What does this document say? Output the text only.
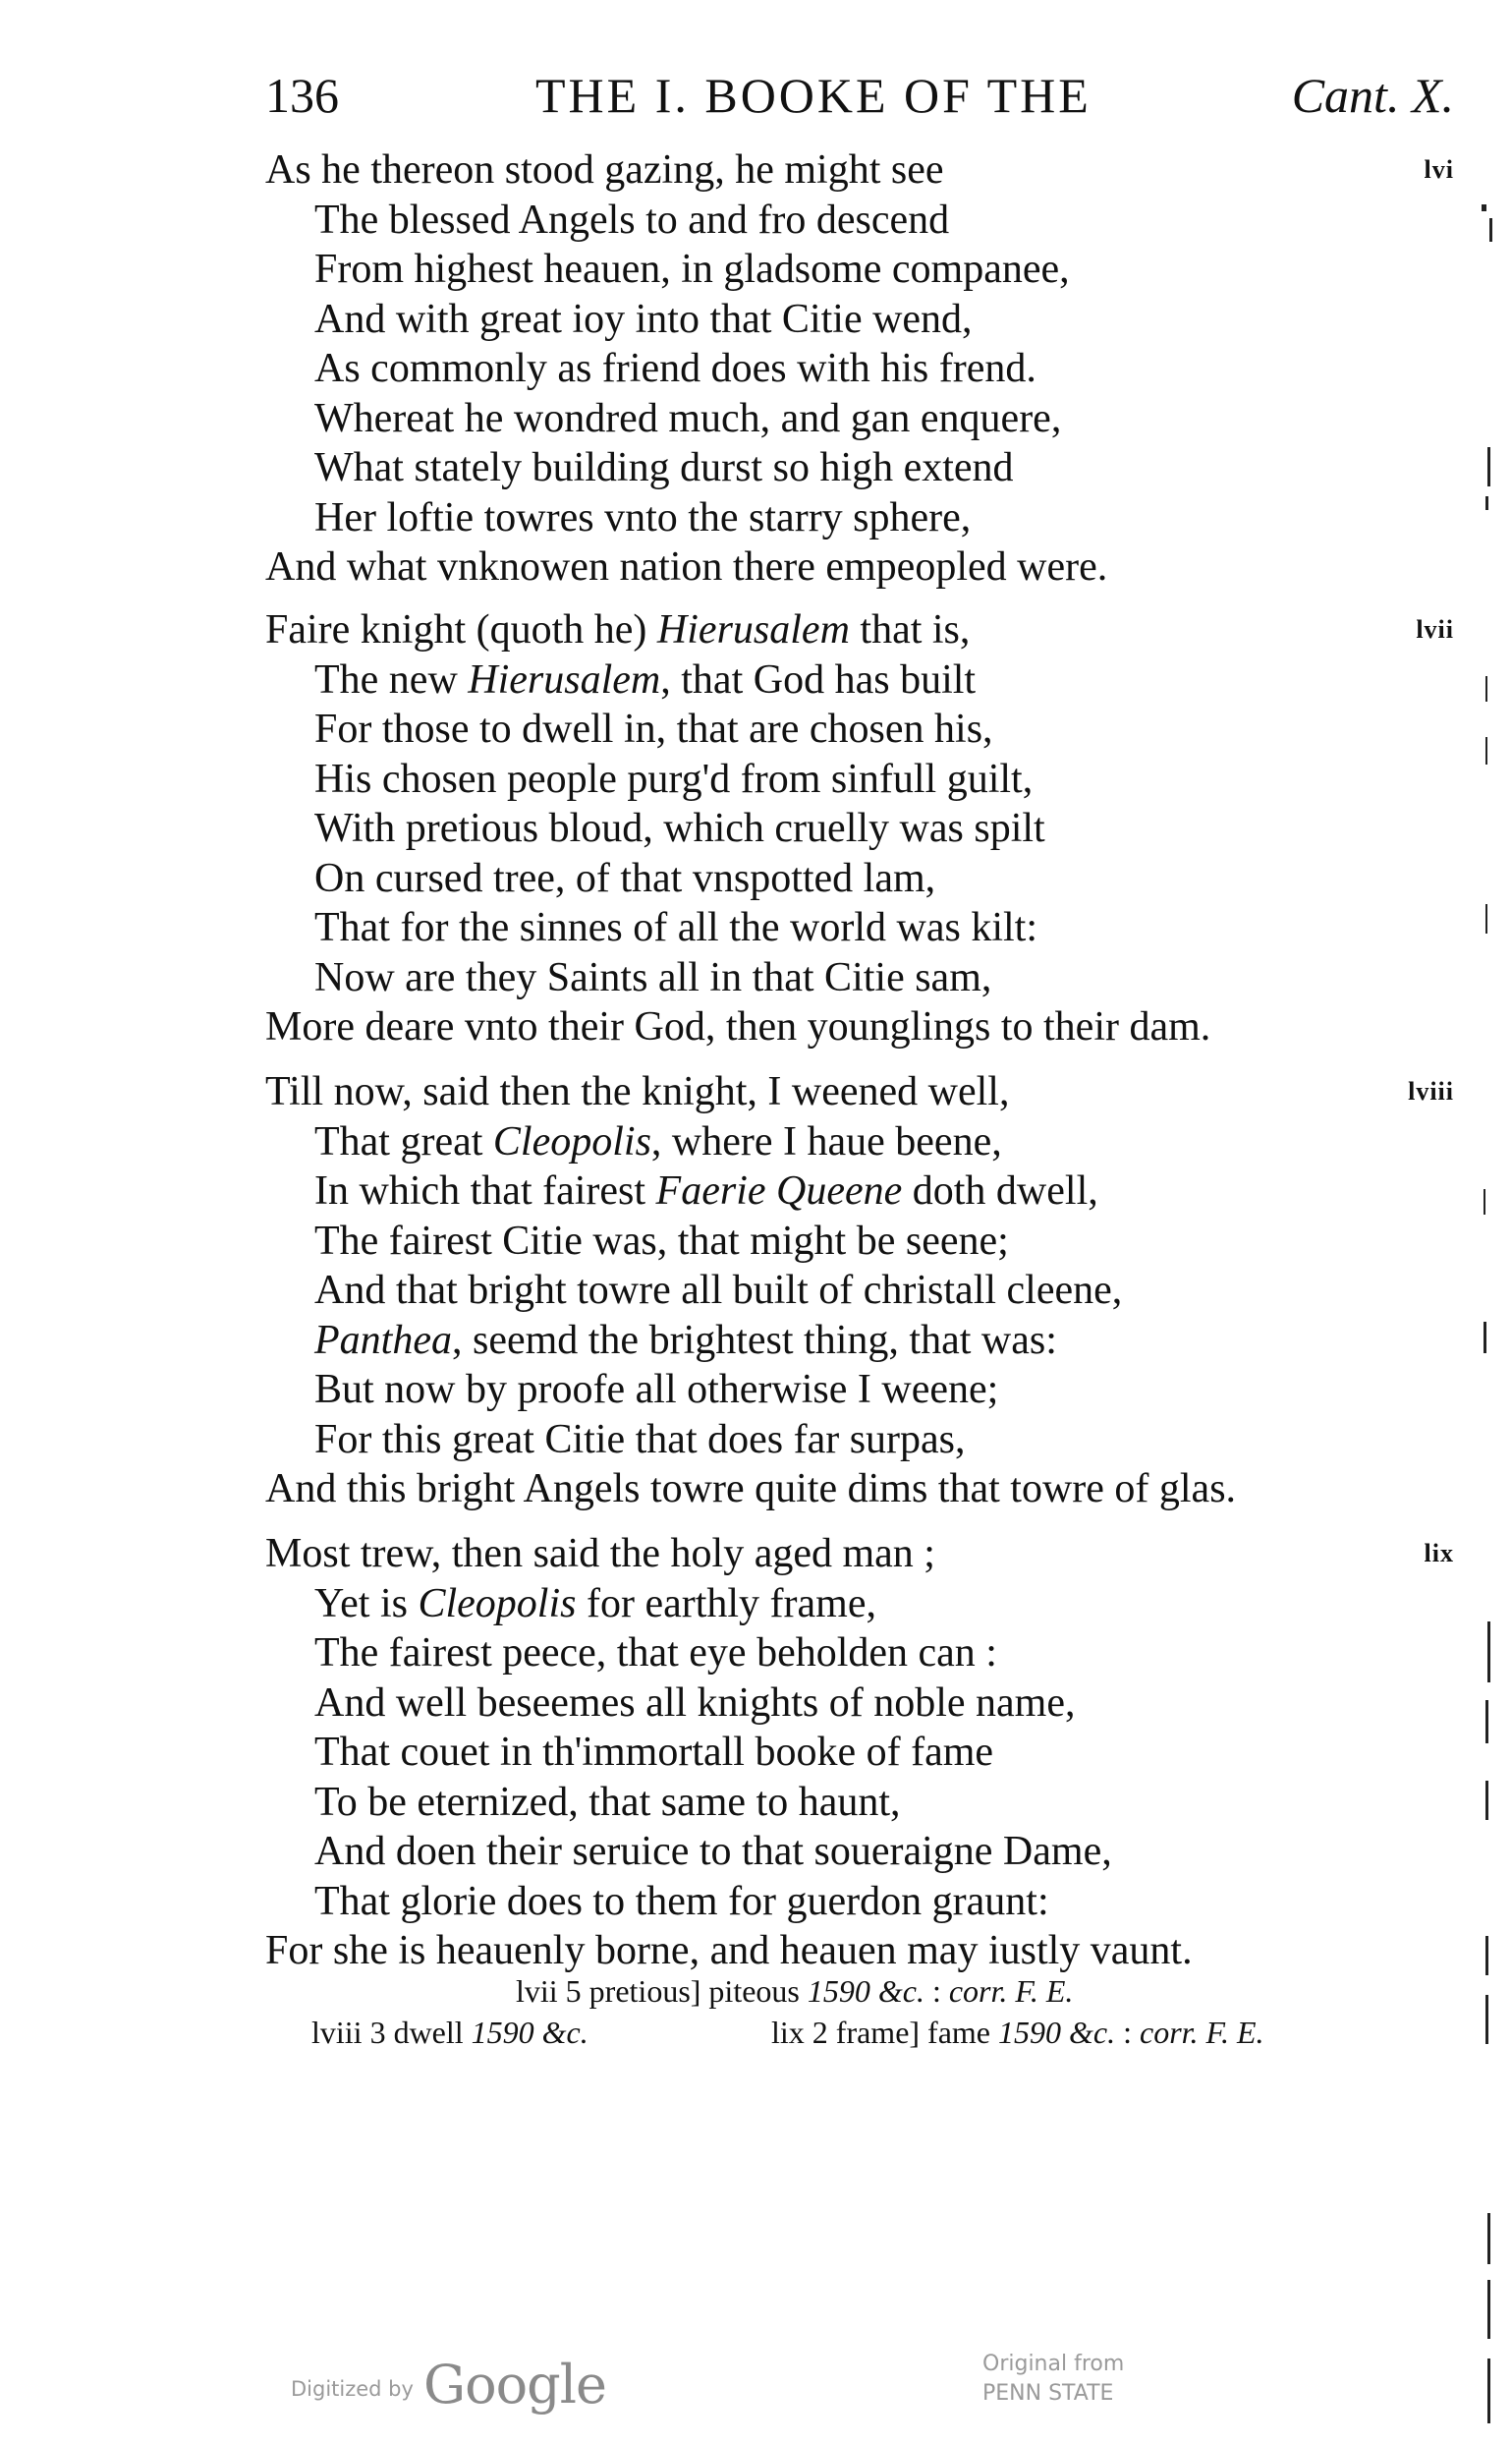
136	THE I. BOOKE OF THE	Cant. X.
lvi
As he thereon stood gazing, he might see
The blessed Angels to and fro descend
From highest heauen, in gladsome companee,
And with great ioy into that Citie wend,
As commonly as friend does with his frend.
Whereat he wondred much, and gan enquere,
What stately building durst so high extend
Her loftie towres vnto the starry sphere,
And what vnknowen nation there empeopled were.
lvii
Faire knight (quoth he) Hierusalem that is,
The new Hierusalem, that God has built
For those to dwell in, that are chosen his,
His chosen people purg'd from sinfull guilt,
With pretious bloud, which cruelly was spilt
On cursed tree, of that vnspotted lam,
That for the sinnes of all the world was kilt:
Now are they Saints all in that Citie sam,
More deare vnto their God, then younglings to their dam.
lviii
Till now, said then the knight, I weened well,
That great Cleopolis, where I haue beene,
In which that fairest Faerie Queene doth dwell,
The fairest Citie was, that might be seene;
And that bright towre all built of christall cleene,
Panthea, seemd the brightest thing, that was:
But now by proofe all otherwise I weene;
For this great Citie that does far surpas,
And this bright Angels towre quite dims that towre of glas.
lix
Most trew, then said the holy aged man ;
Yet is Cleopolis for earthly frame,
The fairest peece, that eye beholden can :
And well beseemes all knights of noble name,
That couet in th'immortall booke of fame
To be eternized, that same to haunt,
And doen their seruice to that soueraigne Dame,
That glorie does to them for guerdon graunt:
For she is heauenly borne, and heauen may iustly vaunt.
lvii 5 pretious] piteous 1590 &c. : corr. F. E.
lviii 3 dwell 1590 &c.	lix 2 frame] fame 1590 &c. : corr. F. E.
Digitized by Google	Original from
PENN STATE
